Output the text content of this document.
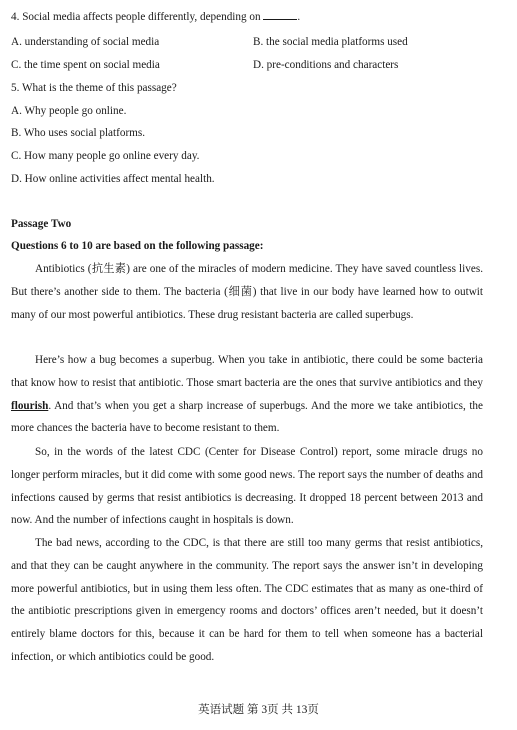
4. Social media affects people differently, depending on	.
A. understanding of social media	B. the social media platforms used
C. the time spent on social media	D. pre-conditions and characters
5. What is the theme of this passage?
A. Why people go online.
B. Who uses social platforms.
C. How many people go online every day.
D. How online activities affect mental health.
Passage Two
Questions 6 to 10 are based on the following passage:
Antibiotics (抗生素) are one of the miracles of modern medicine. They have saved countless lives. But there’s another side to them. The bacteria (细菌) that live in our body have learned how to outwit many of our most powerful antibiotics. These drug resistant bacteria are called superbugs.
Here’s how a bug becomes a superbug. When you take in antibiotic, there could be some bacteria that know how to resist that antibiotic. Those smart bacteria are the ones that survive antibiotics and they flourish. And that’s when you get a sharp increase of superbugs. And the more we take antibiotics, the more chances the bacteria have to become resistant to them.
So, in the words of the latest CDC (Center for Disease Control) report, some miracle drugs no longer perform miracles, but it did come with some good news. The report says the number of deaths and infections caused by germs that resist antibiotics is decreasing. It dropped 18 percent between 2013 and now. And the number of infections caught in hospitals is down.
The bad news, according to the CDC, is that there are still too many germs that resist antibiotics, and that they can be caught anywhere in the community. The report says the answer isn’t in developing more powerful antibiotics, but in using them less often. The CDC estimates that as many as one-third of the antibiotic prescriptions given in emergency rooms and doctors’ offices aren’t needed, but it doesn’t entirely blame doctors for this, because it can be hard for them to tell when someone has a bacterial infection, or which antibiotics could be good.
英语试题 第 3页 共 13页
